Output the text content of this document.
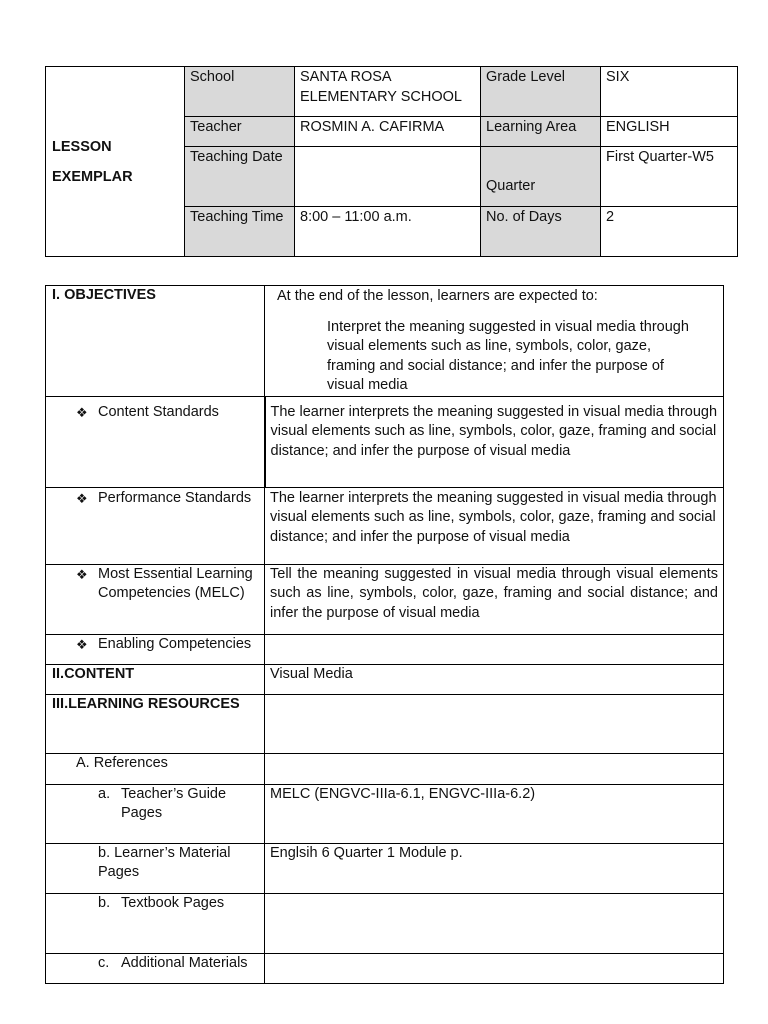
LESSON
EXEMPLAR	School	SANTA ROSA ELEMENTARY SCHOOL	Grade Level	SIX
	Teacher	ROSMIN A. CAFIRMA	Learning Area	ENGLISH
	Teaching Date		Quarter	First Quarter-W5
	Teaching Time	8:00 – 11:00 a.m.	No. of Days	2
I. OBJECTIVES	At the end of the lesson, learners are expected to:
Interpret the meaning suggested in visual media through visual elements such as line, symbols, color, gaze, framing and social distance; and infer the purpose of visual media

❖ Content Standards	The learner interprets the meaning suggested in visual media through visual elements such as line, symbols, color, gaze, framing and social distance; and infer the purpose of visual media

❖ Performance Standards	The learner interprets the meaning suggested in visual media through visual elements such as line, symbols, color, gaze, framing and social distance; and infer the purpose of visual media

❖ Most Essential Learning Competencies (MELC)	Tell the meaning suggested in visual media through visual elements such as line, symbols, color, gaze, framing and social distance; and infer the purpose of visual media

❖ Enabling Competencies	

II.CONTENT	Visual Media
III.LEARNING RESOURCES	
A. References	

a. Teacher’s Guide Pages	MELC (ENGVC-IIIa-6.1, ENGVC-IIIa-6.2)
b. Learner’s Material Pages	Englsih 6 Quarter 1 Module p.

b. Textbook Pages	

c. Additional Materials	
